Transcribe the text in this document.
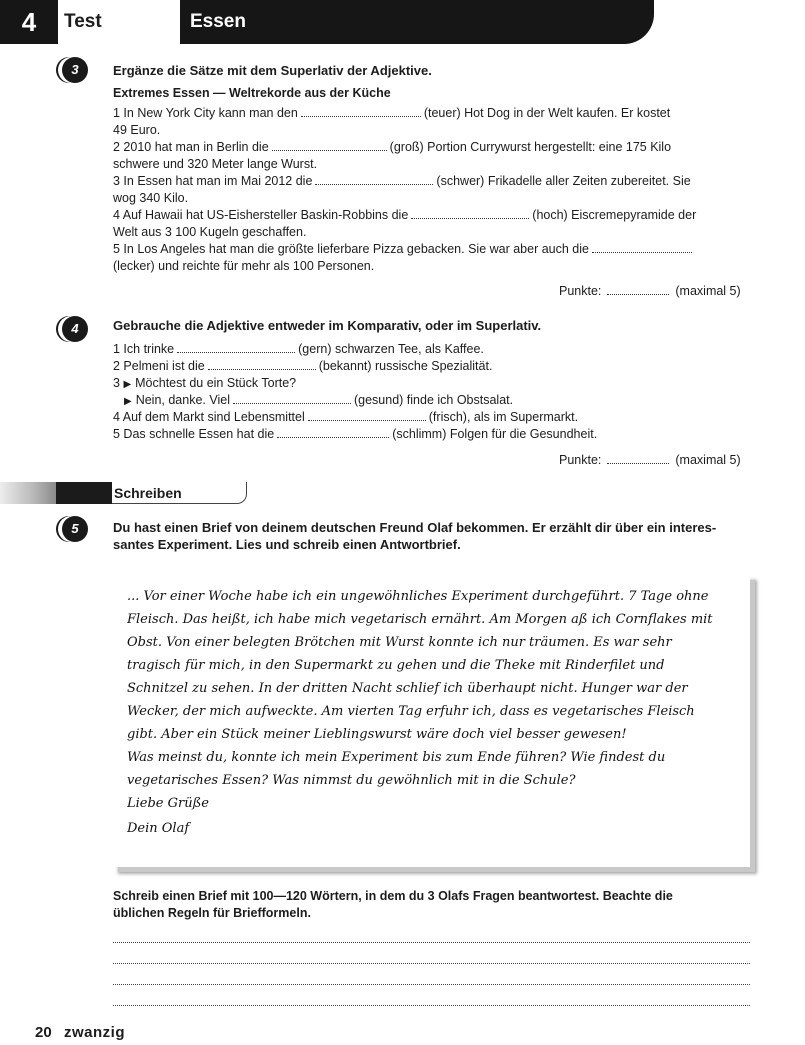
4	Test	Essen
3	Ergänze die Sätze mit dem Superlativ der Adjektive.
Extremes Essen — Weltrekorde aus der Küche
1 In New York City kann man den	(teuer) Hot Dog in der Welt kaufen. Er kostet
49 Euro.
2 2010 hat man in Berlin die	(groß) Portion Currywurst hergestellt: eine 175 Kilo
schwere und 320 Meter lange Wurst.
3 In Essen hat man im Mai 2012 die	(schwer) Frikadelle aller Zeiten zubereitet. Sie
wog 340 Kilo.
4 Auf Hawaii hat US-Eishersteller Baskin-Robbins die	(hoch) Eiscremepyramide der
Welt aus 3 100 Kugeln geschaffen.
5 In Los Angeles hat man die größte lieferbare Pizza gebacken. Sie war aber auch die
(lecker) und reichte für mehr als 100 Personen.
Punkte:	(maximal 5)
4	Gebrauche die Adjektive entweder im Komparativ, oder im Superlativ.
1 Ich trinke	(gern) schwarzen Tee, als Kaffee.
2 Pelmeni ist die	(bekannt) russische Spezialität.
3 ▶ Möchtest du ein Stück Torte?
▶ Nein, danke. Viel	(gesund) finde ich Obstsalat.
4 Auf dem Markt sind Lebensmittel	(frisch), als im Supermarkt.
5 Das schnelle Essen hat die	(schlimm) Folgen für die Gesundheit.
Punkte:	(maximal 5)
Schreiben
5	Du hast einen Brief von deinem deutschen Freund Olaf bekommen. Er erzählt dir über ein interes-
santes Experiment. Lies und schreib einen Antwortbrief.
... Vor einer Woche habe ich ein ungewöhnliches Experiment durchgeführt. 7 Tage ohne
Fleisch. Das heißt, ich habe mich vegetarisch ernährt. Am Morgen aß ich Cornflakes mit
Obst. Von einer belegten Brötchen mit Wurst konnte ich nur träumen. Es war sehr
tragisch für mich, in den Supermarkt zu gehen und die Theke mit Rinderfilet und
Schnitzel zu sehen. In der dritten Nacht schlief ich überhaupt nicht. Hunger war der
Wecker, der mich aufweckte. Am vierten Tag erfuhr ich, dass es vegetarisches Fleisch
gibt. Aber ein Stück meiner Lieblingswurst wäre doch viel besser gewesen!
Was meinst du, konnte ich mein Experiment bis zum Ende führen? Wie findest du
vegetarisches Essen? Was nimmst du gewöhnlich mit in die Schule?
Liebe Grüße
Dein Olaf
Schreib einen Brief mit 100—120 Wörtern, in dem du 3 Olafs Fragen beantwortest. Beachte die
üblichen Regeln für Briefformeln.
20 zwanzig
